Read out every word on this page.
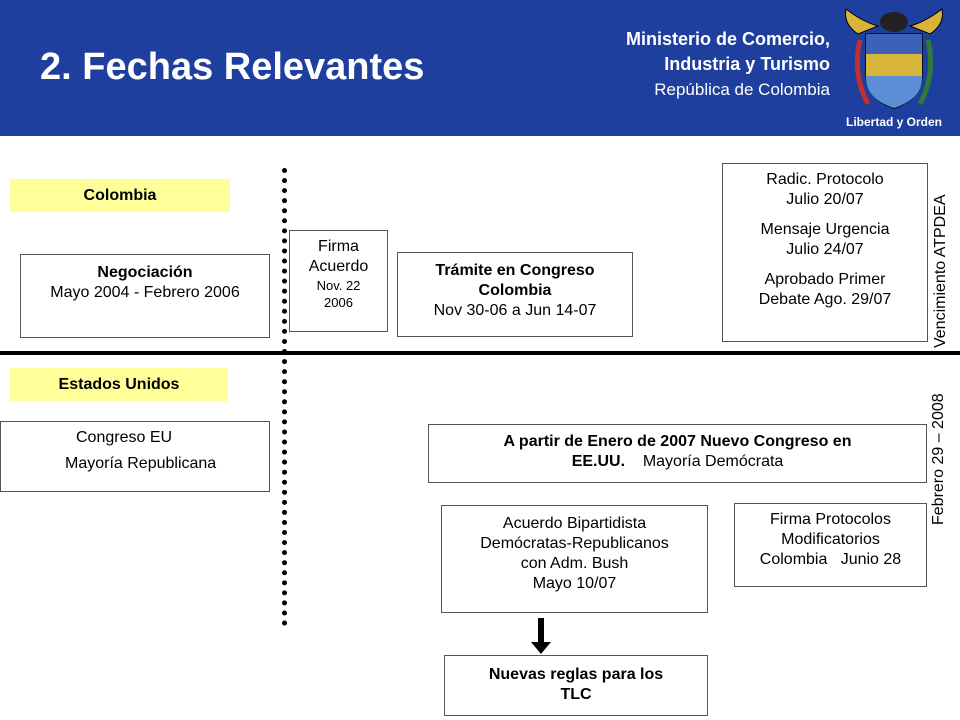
2. Fechas Relevantes
Ministerio de Comercio,
Industria y Turismo
República de Colombia
Libertad y Orden
Colombia
Negociación
Mayo 2004 - Febrero 2006
Firma
Acuerdo
Nov. 22
2006
Trámite en Congreso
Colombia
Nov 30-06 a Jun 14-07
Radic. Protocolo
Julio 20/07
Mensaje Urgencia
Julio 24/07
Aprobado Primer
Debate Ago. 29/07	Vencimiento ATPDEA
Estados Unidos
Congreso EU
Mayoría Republicana
A partir de Enero de 2007 Nuevo Congreso en
EE.UU. Mayoría Demócrata
Acuerdo Bipartidista
Demócratas-Republicanos
con Adm. Bush
Mayo 10/07
Firma Protocolos
Modificatorios
Colombia   Junio 28
Febrero 29 – 2008
Nuevas reglas para los
TLC
